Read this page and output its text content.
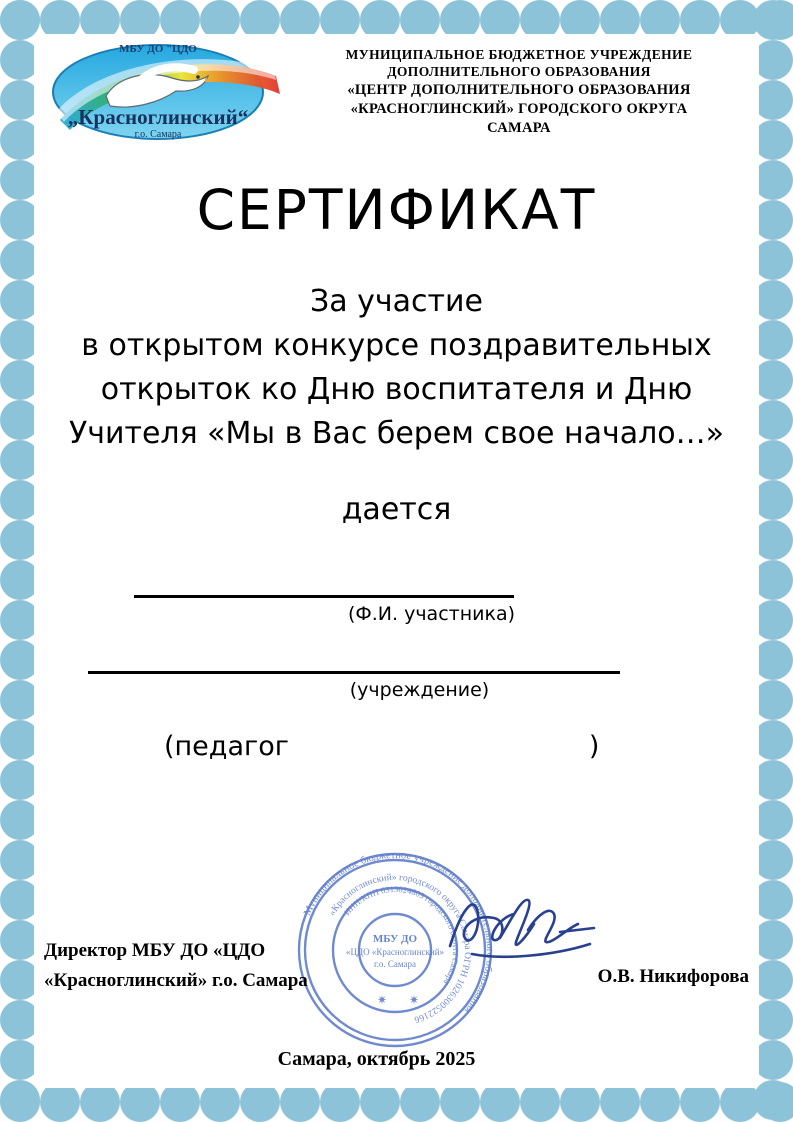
МБУ ДО "ЦДО
„Красноглинский“
г.о. Самара
МУНИЦИПАЛЬНОЕ БЮДЖЕТНОЕ УЧРЕЖДЕНИЕ
ДОПОЛНИТЕЛЬНОГО ОБРАЗОВАНИЯ
«ЦЕНТР ДОПОЛНИТЕЛЬНОГО ОБРАЗОВАНИЯ
«КРАСНОГЛИНСКИЙ» ГОРОДСКОГО ОКРУГА
САМАРА
СЕРТИФИКАТ
За участие
в открытом конкурсе поздравительных
открыток ко Дню воспитателя и Дню
Учителя «Мы в Вас берем свое начало…»
дается
(Ф.И. участника)
(учреждение)
(педагог	)
Муниципальное бюджетное учреждение дополнительного образования
«Красноглинский» городского округа Самара ОГРН 1026300522166
ИНН/КПП 6313024809 городского округа Самара
МБУ ДО
«ЦДО «Красноглинский»
г.о. Самара
✷ ✷
Директор МБУ ДО «ЦДО
«Красноглинский» г.о. Самара	О.В. Никифорова
Самара, октябрь 2025
